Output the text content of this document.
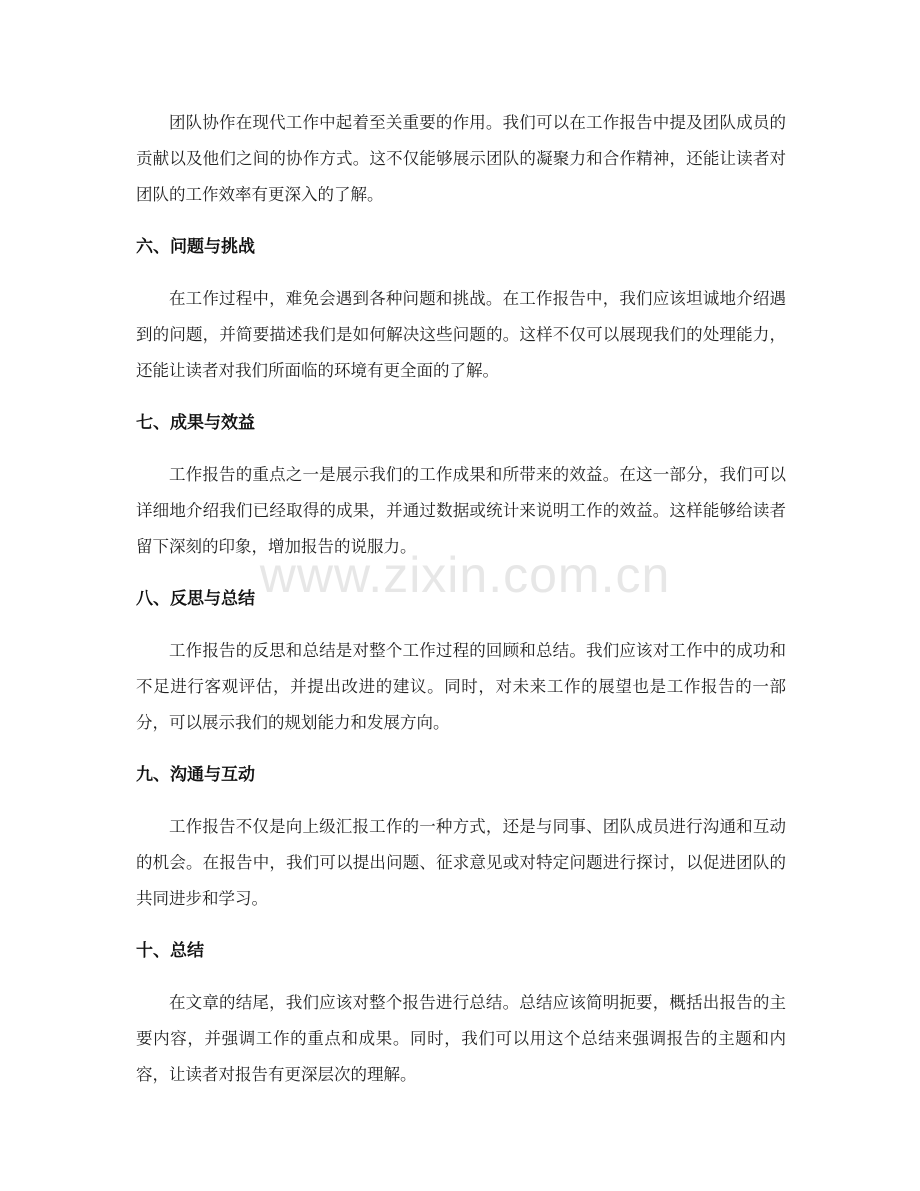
团队协作在现代工作中起着至关重要的作用。我们可以在工作报告中提及团队成员的贡献以及他们之间的协作方式。这不仅能够展示团队的凝聚力和合作精神，还能让读者对团队的工作效率有更深入的了解。

六、问题与挑战

在工作过程中，难免会遇到各种问题和挑战。在工作报告中，我们应该坦诚地介绍遇到的问题，并简要描述我们是如何解决这些问题的。这样不仅可以展现我们的处理能力，还能让读者对我们所面临的环境有更全面的了解。

七、成果与效益

工作报告的重点之一是展示我们的工作成果和所带来的效益。在这一部分，我们可以详细地介绍我们已经取得的成果，并通过数据或统计来说明工作的效益。这样能够给读者留下深刻的印象，增加报告的说服力。

八、反思与总结

工作报告的反思和总结是对整个工作过程的回顾和总结。我们应该对工作中的成功和不足进行客观评估，并提出改进的建议。同时，对未来工作的展望也是工作报告的一部分，可以展示我们的规划能力和发展方向。

九、沟通与互动

工作报告不仅是向上级汇报工作的一种方式，还是与同事、团队成员进行沟通和互动的机会。在报告中，我们可以提出问题、征求意见或对特定问题进行探讨，以促进团队的共同进步和学习。

十、总结

在文章的结尾，我们应该对整个报告进行总结。总结应该简明扼要，概括出报告的主要内容，并强调工作的重点和成果。同时，我们可以用这个总结来强调报告的主题和内容，让读者对报告有更深层次的理解。

www.zixin.com.cn
